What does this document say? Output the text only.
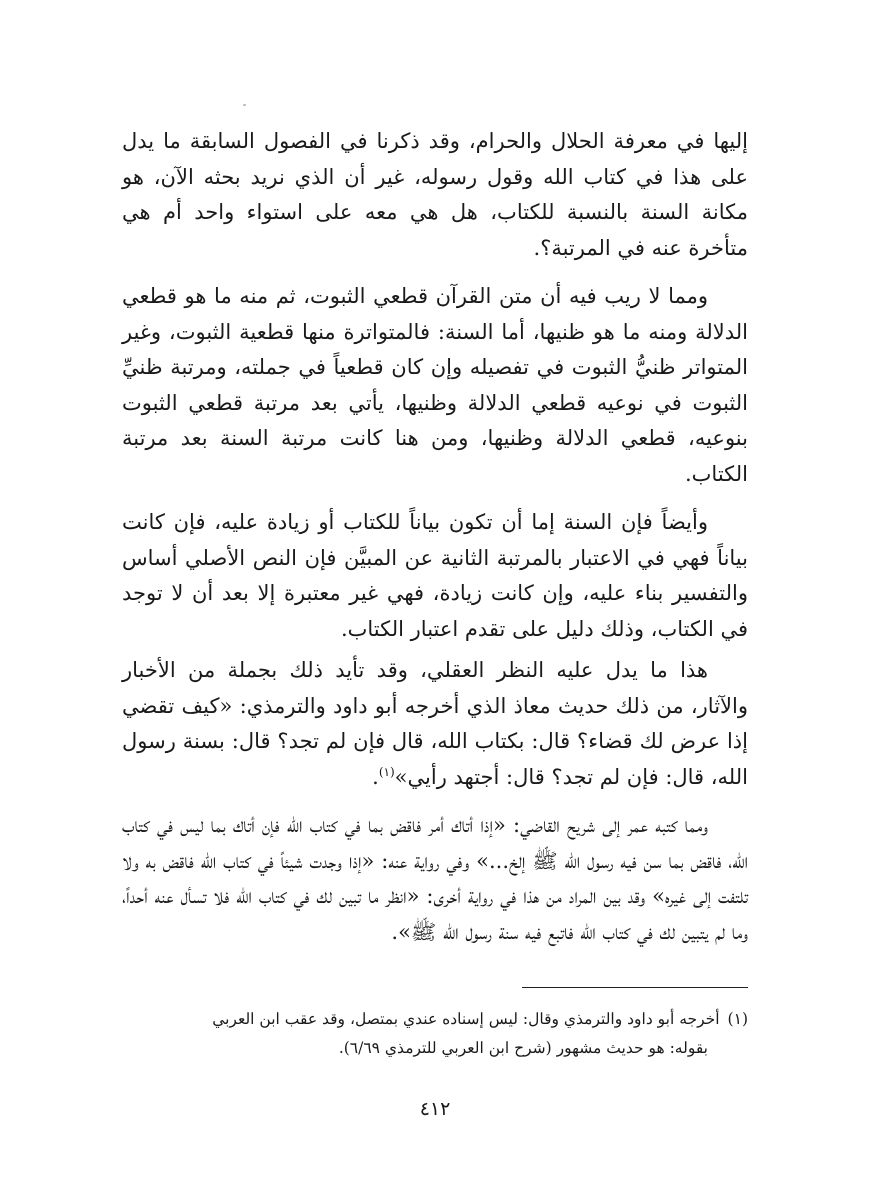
إليها في معرفة الحلال والحرام، وقد ذكرنا في الفصول السابقة ما يدل على هذا في كتاب الله وقول رسوله، غير أن الذي نريد بحثه الآن، هو مكانة السنة بالنسبة للكتاب، هل هي معه على استواء واحد أم هي متأخرة عنه في المرتبة؟.

ومما لا ريب فيه أن متن القرآن قطعي الثبوت، ثم منه ما هو قطعي الدلالة ومنه ما هو ظنيها، أما السنة: فالمتواترة منها قطعية الثبوت، وغير المتواتر ظنيُّ الثبوت في تفصيله وإن كان قطعياً في جملته، ومرتبة ظنيِّ الثبوت في نوعيه قطعي الدلالة وظنيها، يأتي بعد مرتبة قطعي الثبوت بنوعيه، قطعي الدلالة وظنيها، ومن هنا كانت مرتبة السنة بعد مرتبة الكتاب.

وأيضاً فإن السنة إما أن تكون بياناً للكتاب أو زيادة عليه، فإن كانت بياناً فهي في الاعتبار بالمرتبة الثانية عن المبيَّن فإن النص الأصلي أساس والتفسير بناء عليه، وإن كانت زيادة، فهي غير معتبرة إلا بعد أن لا توجد في الكتاب، وذلك دليل على تقدم اعتبار الكتاب.

هذا ما يدل عليه النظر العقلي، وقد تأيد ذلك بجملة من الأخبار والآثار، من ذلك حديث معاذ الذي أخرجه أبو داود والترمذي: «كيف تقضي إذا عرض لك قضاء؟ قال: بكتاب الله، قال فإن لم تجد؟ قال: بسنة رسول الله، قال: فإن لم تجد؟ قال: أجتهد رأيي»$^{(١)}$.

ومما كتبه عمر إلى شريح القاضي: «إذا أتاك أمر فاقض بما في كتاب الله فإن أتاك بما ليس في كتاب الله، فاقض بما سن فيه رسول الله ﷺ إلخ...» وفي رواية عنه: «إذا وجدت شيئاً في كتاب الله فاقض به ولا تلتفت إلى غيره» وقد بين المراد من هذا في رواية أخرى: «انظر ما تبين لك في كتاب الله فلا تسأل عنه أحداً، وما لم يتبين لك في كتاب الله فاتبع فيه سنة رسول الله ﷺ».

(١)أخرجه أبو داود والترمذي وقال: ليس إسناده عندي بمتصل، وقد عقب ابن العربي
بقوله: هو حديث مشهور (شرح ابن العربي للترمذي ٦/٦٩).
٤١٢
